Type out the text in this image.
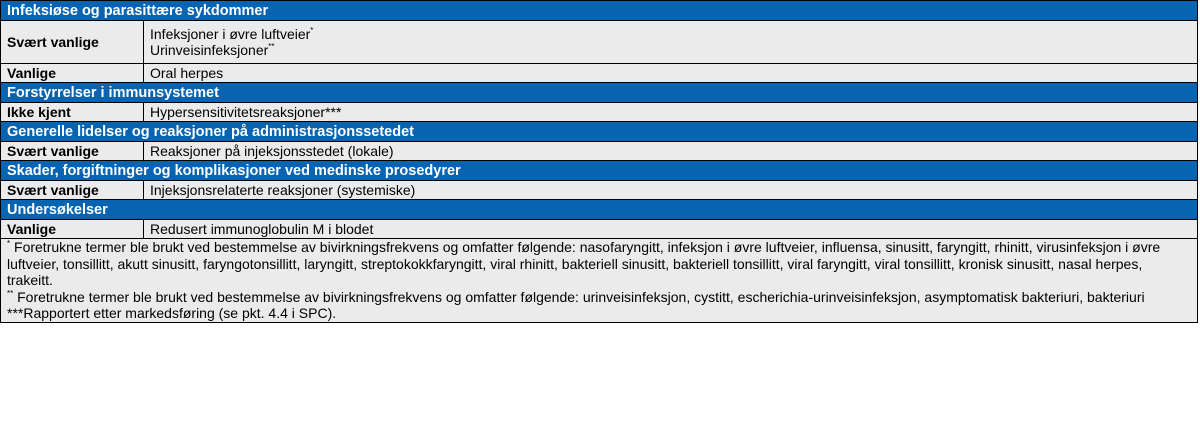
Infeksiøse og parasittære sykdommer	
Svært vanlige	Infeksjoner i øvre luftveier*
Urinveisinfeksjoner**

Vanlige	Oral herpes

Forstyrrelser i immunsystemet	
Ikke kjent	Hypersensitivitetsreaksjoner***

Generelle lidelser og reaksjoner på administrasjonssetedet	
Svært vanlige	Reaksjoner på injeksjonsstedet (lokale)

Skader, forgiftninger og komplikasjoner ved medinske prosedyrer	
Svært vanlige	Injeksjonsrelaterte reaksjoner (systemiske)

Undersøkelser	
Vanlige	Redusert immunoglobulin M i blodet

* Foretrukne termer ble brukt ved bestemmelse av bivirkningsfrekvens og omfatter følgende: nasofaryngitt, infeksjon i øvre luftveier, influensa, sinusitt, faryngitt, rhinitt, virusinfeksjon i øvre luftveier, tonsillitt, akutt sinusitt, faryngotonsillitt, laryngitt, streptokokkfaryngitt, viral rhinitt, bakteriell sinusitt, bakteriell tonsillitt, viral faryngitt, viral tonsillitt, kronisk sinusitt, nasal herpes, trakeitt.

** Foretrukne termer ble brukt ved bestemmelse av bivirkningsfrekvens og omfatter følgende: urinveisinfeksjon, cystitt, escherichia-urinveisinfeksjon, asymptomatisk bakteriuri, bakteriuri

***Rapportert etter markedsføring (se pkt. 4.4 i SPC).	
